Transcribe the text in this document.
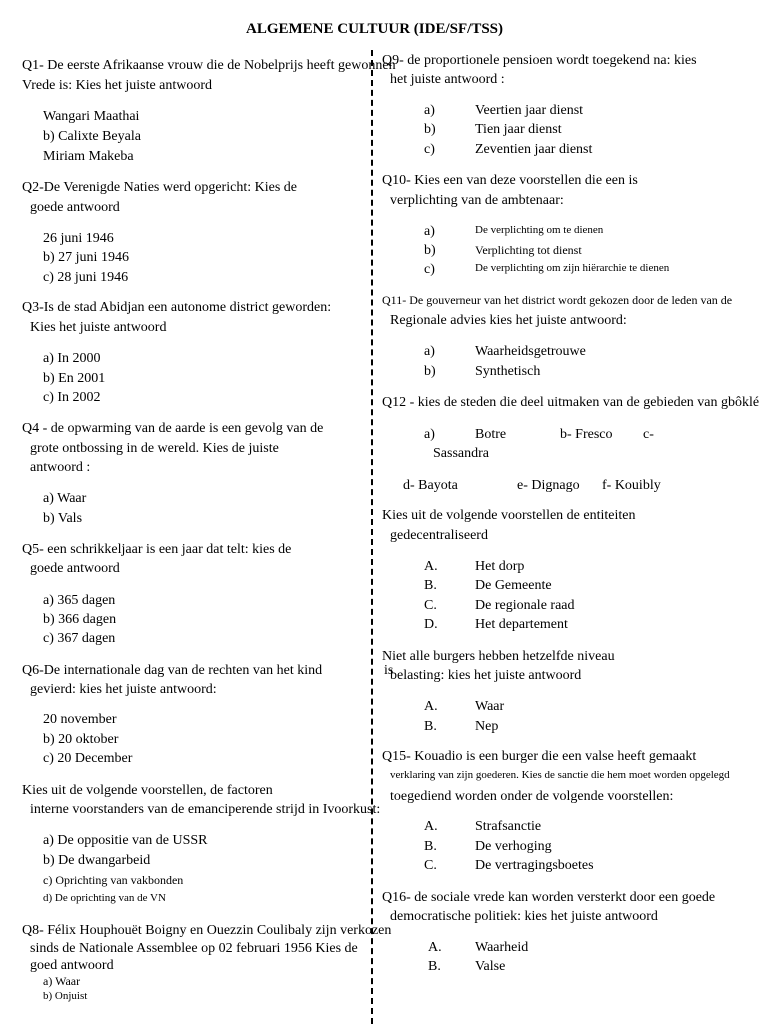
ALGEMENE CULTUUR (IDE/SF/TSS)
Q1- De eerste Afrikaanse vrouw die de Nobelprijs heeft gewonnen
Vrede is: Kies het juiste antwoord
Wangari Maathai
b) Calixte Beyala
Miriam Makeba
Q2-De Verenigde Naties werd opgericht: Kies de
goede antwoord
26 juni 1946
b) 27 juni 1946
c) 28 juni 1946
Q3-Is de stad Abidjan een autonome district geworden:
Kies het juiste antwoord
a) In 2000
b) En 2001
c) In 2002
Q4 - de opwarming van de aarde is een gevolg van de
grote ontbossing in de wereld. Kies de juiste
antwoord :
a) Waar
b) Vals
Q5- een schrikkeljaar is een jaar dat telt: kies de
goede antwoord
a) 365 dagen
b) 366 dagen
c) 367 dagen
Q6-De internationale dag van de rechten van het kind	is
gevierd: kies het juiste antwoord:
20 november
b) 20 oktober
c) 20 December
Kies uit de volgende voorstellen, de factoren
interne voorstanders van de emanciperende strijd in Ivoorkust:
a) De oppositie van de USSR
b) De dwangarbeid
c) Oprichting van vakbonden
d) De oprichting van de VN
Q8- Félix Houphouët Boigny en Ouezzin Coulibaly zijn verkozen
sinds de Nationale Assemblee op 02 februari 1956 Kies de
goed antwoord
a) Waar
b) Onjuist
Q9- de proportionele pensioen wordt toegekend na: kies
het juiste antwoord :
a)	Veertien jaar dienst
b)	Tien jaar dienst
c)	Zeventien jaar dienst
Q10- Kies een van deze voorstellen die een is
verplichting van de ambtenaar:
a)	De verplichting om te dienen
b)	Verplichting tot dienst
c)	De verplichting om zijn hiërarchie te dienen
Q11- De gouverneur van het district wordt gekozen door de leden van de
Regionale advies kies het juiste antwoord:
a)	Waarheidsgetrouwe
b)	Synthetisch
Q12 - kies de steden die deel uitmaken van de gebieden van gbôklé
a)	Botre	b- Fresco c-
Sassandra
d- Bayota	e- Dignago f- Kouibly
Kies uit de volgende voorstellen de entiteiten
gedecentraliseerd
A.	Het dorp
B.	De Gemeente
C.	De regionale raad
D.	Het departement
Niet alle burgers hebben hetzelfde niveau
belasting: kies het juiste antwoord
A.	Waar
B.	Nep
Q15- Kouadio is een burger die een valse heeft gemaakt
verklaring van zijn goederen. Kies de sanctie die hem moet worden opgelegd
toegediend worden onder de volgende voorstellen:
A.	Strafsanctie
B.	De verhoging
C.	De vertragingsboetes
Q16- de sociale vrede kan worden versterkt door een goede
democratische politiek: kies het juiste antwoord
A. Waarheid
B. Valse
